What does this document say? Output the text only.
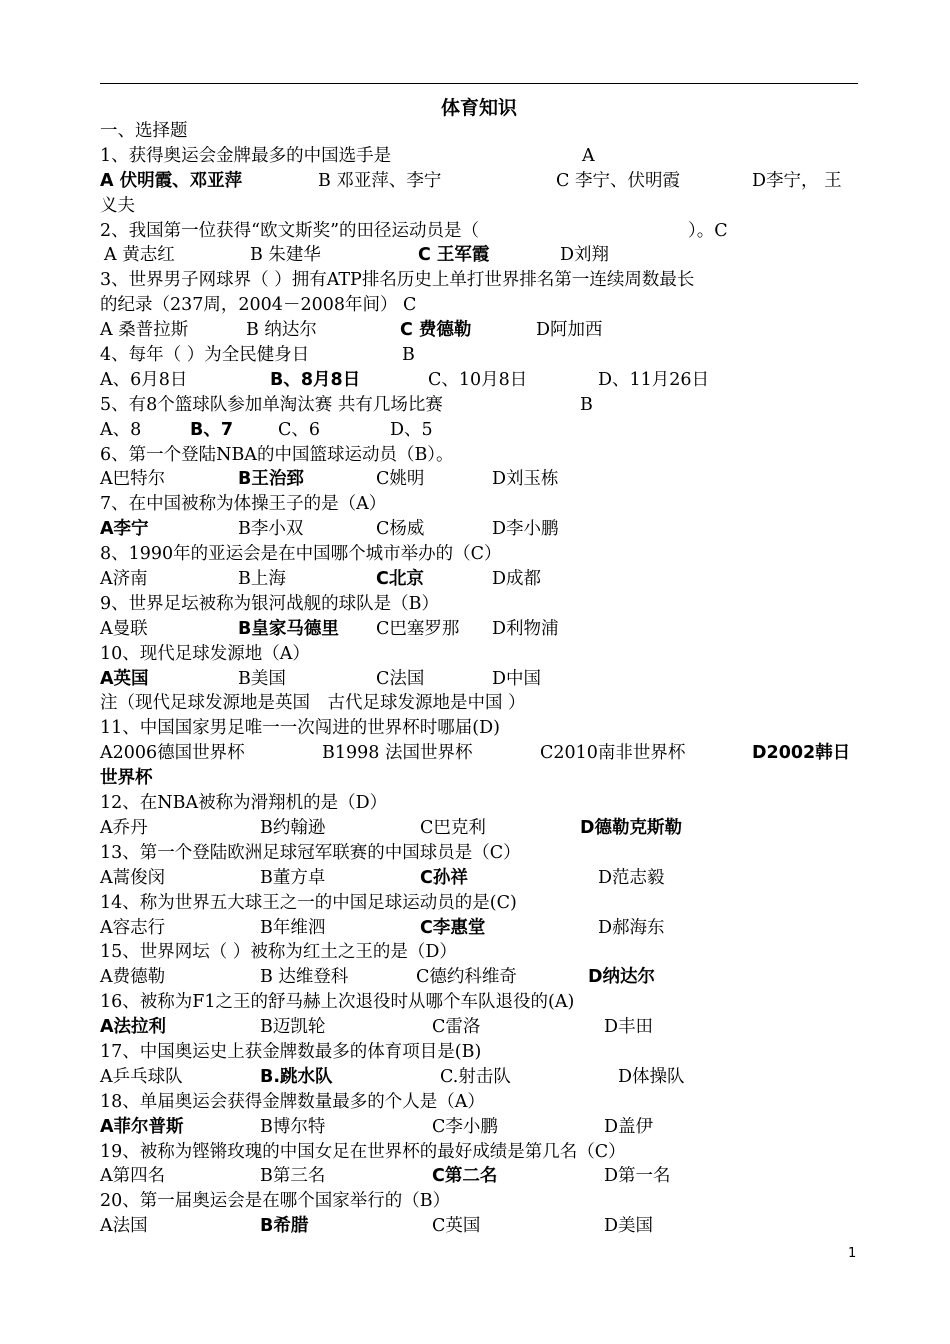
体育知识
一、选择题
1、获得奥运会金牌最多的中国选手是	A
A 伏明霞、邓亚萍	B 邓亚萍、李宁	C 李宁、伏明霞	D李宁， 王
义夫
2、我国第一位获得“欧文斯奖”的田径运动员是（	）。C
A 黄志红	B 朱建华	C 王军霞	D刘翔
3、世界男子网球界（ ）拥有ATP排名历史上单打世界排名第一连续周数最长
的纪录（237周，2004－2008年间） C
A 桑普拉斯	B 纳达尔	C 费德勒	D阿加西
4、每年（ ）为全民健身日	B
A、6月8日	B、8月8日	C、10月8日	D、11月26日
5、有8个篮球队参加单淘汰赛 共有几场比赛	B
A、8	B、7	C、6	D、5
6、第一个登陆NBA的中国篮球运动员（B）。
A巴特尔	B王治郅	C姚明	D刘玉栋
7、在中国被称为体操王子的是（A）
A李宁	B李小双	C杨威	D李小鹏
8、1990年的亚运会是在中国哪个城市举办的（C）
A济南	B上海	C北京	D成都
9、世界足坛被称为银河战舰的球队是（B）
A曼联	B皇家马德里 C巴塞罗那 D利物浦
10、现代足球发源地（A）
A英国	B美国	C法国	D中国
注（现代足球发源地是英国　古代足球发源地是中国 ）
11、中国国家男足唯一一次闯进的世界杯时哪届(D)
A2006德国世界杯	B1998 法国世界杯	C2010南非世界杯	D2002韩日
世界杯
12、在NBA被称为滑翔机的是（D）
A乔丹	B约翰逊	C巴克利	D德勒克斯勒
13、第一个登陆欧洲足球冠军联赛的中国球员是（C）
A蒿俊闵	B董方卓	C孙祥	D范志毅
14、称为世界五大球王之一的中国足球运动员的是(C)
A容志行	B年维泗	C李惠堂	D郝海东
15、世界网坛（ ）被称为红土之王的是（D）
A费德勒	B 达维登科	C德约科维奇	D纳达尔
16、被称为F1之王的舒马赫上次退役时从哪个车队退役的(A)
A法拉利	B迈凯轮	C雷洛	D丰田
17、中国奥运史上获金牌数最多的体育项目是(B)
A乒乓球队	B.跳水队	C.射击队	D体操队
18、单届奥运会获得金牌数量最多的个人是（A）
A菲尔普斯	B博尔特	C李小鹏	D盖伊
19、被称为铿锵玫瑰的中国女足在世界杯的最好成绩是第几名（C）
A第四名	B第三名	C第二名	D第一名
20、第一届奥运会是在哪个国家举行的（B）
A法国	B希腊	C英国	D美国
1
